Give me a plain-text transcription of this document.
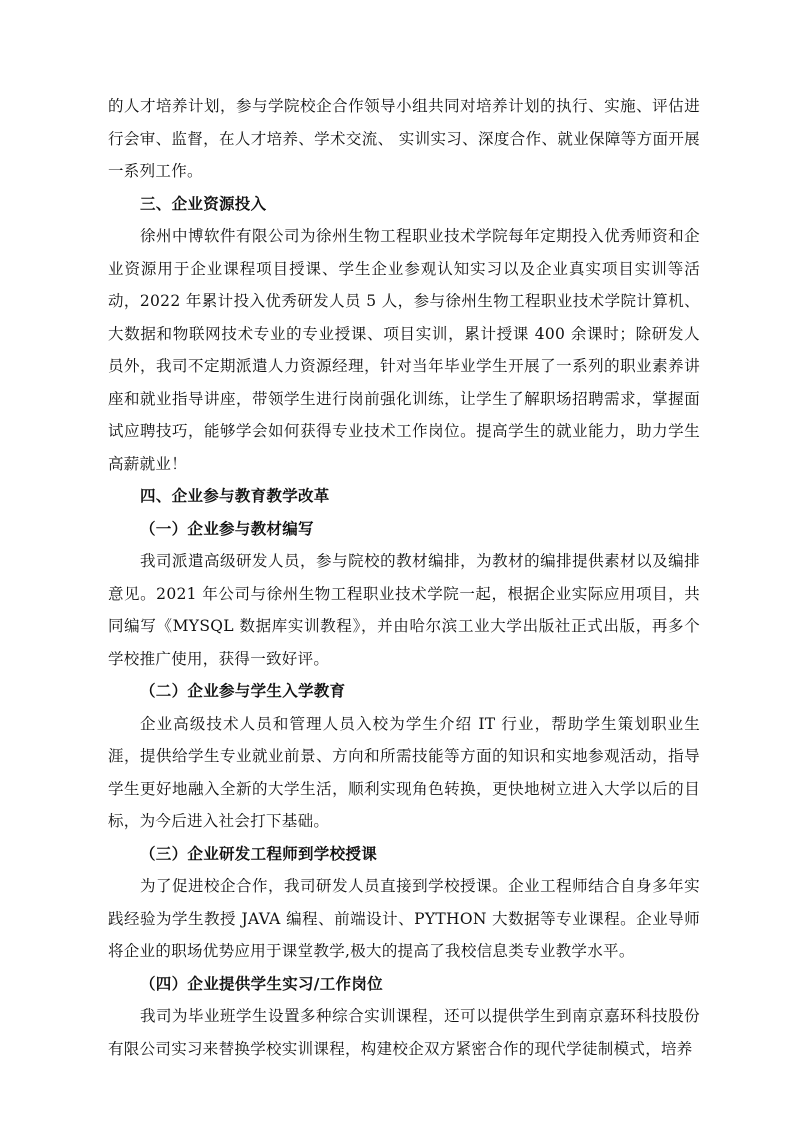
的人才培养计划，参与学院校企合作领导小组共同对培养计划的执行、实施、评估进行会审、监督，在人才培养、学术交流、 实训实习、深度合作、就业保障等方面开展一系列工作。

三、企业资源投入

徐州中博软件有限公司为徐州生物工程职业技术学院每年定期投入优秀师资和企业资源用于企业课程项目授课、学生企业参观认知实习以及企业真实项目实训等活动，2022 年累计投入优秀研发人员 5 人，参与徐州生物工程职业技术学院计算机、大数据和物联网技术专业的专业授课、项目实训，累计授课 400 余课时；除研发人员外，我司不定期派遣人力资源经理，针对当年毕业学生开展了一系列的职业素养讲座和就业指导讲座，带领学生进行岗前强化训练，让学生了解职场招聘需求，掌握面试应聘技巧，能够学会如何获得专业技术工作岗位。提高学生的就业能力，助力学生高薪就业！

四、企业参与教育教学改革

（一）企业参与教材编写

我司派遣高级研发人员，参与院校的教材编排，为教材的编排提供素材以及编排意见。2021 年公司与徐州生物工程职业技术学院一起，根据企业实际应用项目，共同编写《MYSQL 数据库实训教程》，并由哈尔滨工业大学出版社正式出版，再多个学校推广使用，获得一致好评。

（二）企业参与学生入学教育

企业高级技术人员和管理人员入校为学生介绍 IT 行业，帮助学生策划职业生涯，提供给学生专业就业前景、方向和所需技能等方面的知识和实地参观活动，指导学生更好地融入全新的大学生活，顺利实现角色转换，更快地树立进入大学以后的目标，为今后进入社会打下基础。

（三）企业研发工程师到学校授课

为了促进校企合作，我司研发人员直接到学校授课。企业工程师结合自身多年实践经验为学生教授 JAVA 编程、前端设计、PYTHON 大数据等专业课程。企业导师将企业的职场优势应用于课堂教学,极大的提高了我校信息类专业教学水平。

（四）企业提供学生实习/工作岗位

我司为毕业班学生设置多种综合实训课程，还可以提供学生到南京嘉环科技股份有限公司实习来替换学校实训课程，构建校企双方紧密合作的现代学徒制模式，培养
